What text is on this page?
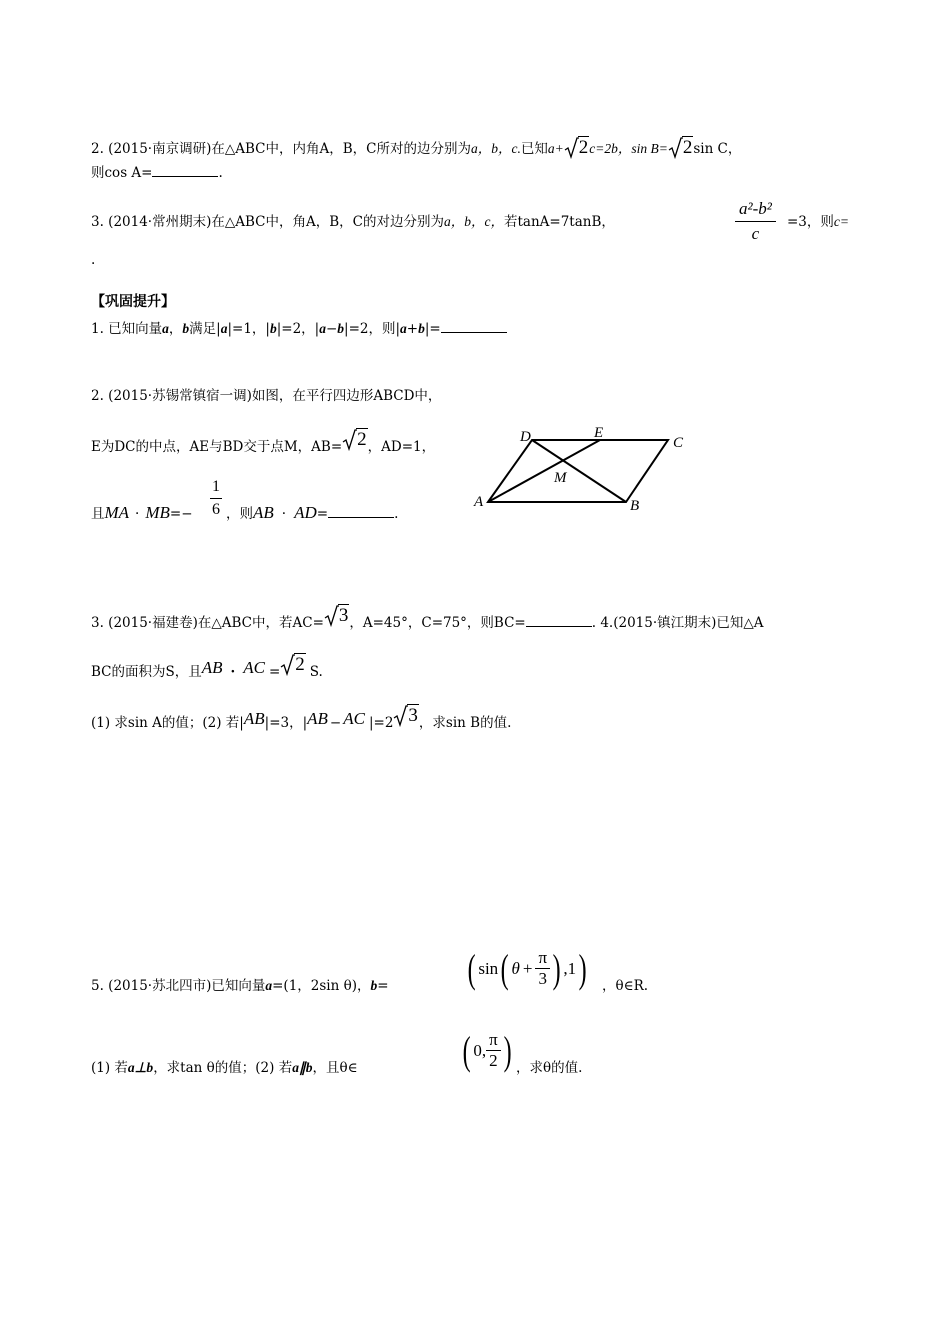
2. (2015·南京调研)在△ABC中，内角A，B，C所对的边分别为a，b，c.已知a+ 2c=2b，sin B= 2sin C，
则cos A=	.
3. (2014·常州期末)在△ABC中，角A，B，C的对边分别为a，b，c，若tanA=7tanB，	$\frac{\text{a²-b²}}{c} =3$，则c=
.
【巩固提升】
1. 已知向量a，b满足|a|=1，|b|=2，|a−b|=2，则|a+b|=
2. (2015·苏锡常镇宿一调)如图，在平行四边形ABCD中，
E为DC的中点，AE与BD交于点M，AB= 2，AD=1，
且MA · $MB=- \frac{1}{6}$ ，则AB · AD=	.
D	E
C
M
A	B
3. (2015·福建卷)在△ABC中，若AC= 3，A=45°，C=75°，则BC=	. 4.(2015·镇江期末)已知△A
BC的面积为S，且AB · AC = 2 S.
(1) 求sin A的值；(2) 若|AB|=3，|AB − AC |=2 3，求sin B的值.
5. (2015·苏北四市)已知向量a=(1，2sin θ)，b= ( sin( $\theta + \frac{\pi}{3}$ ) ,1) ，θ∈R.
(1) 若a⊥b，求tan θ的值；(2) 若a∥b，且θ∈	( 0, $\frac{\pi}{2}$ ) ，求θ的值.
